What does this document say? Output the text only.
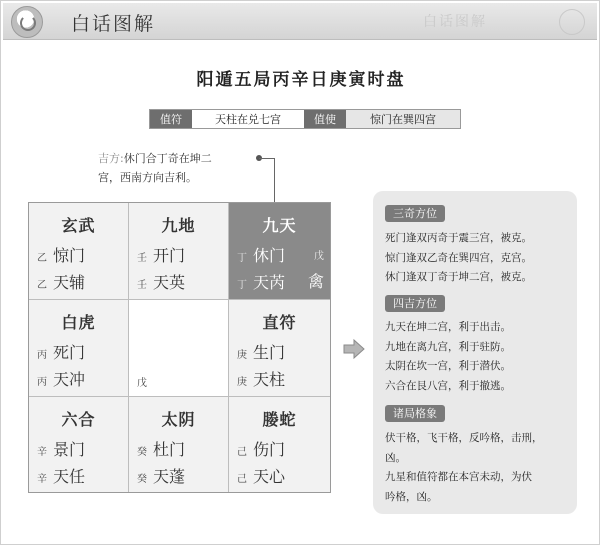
白话图解	白话图解
阳遁五局丙辛日庚寅时盘
值符	天柱在兑七宫	值使	惊门在巽四宫
吉方:休门合丁奇在坤二
宫，西南方向吉利。
玄武
乙 惊门
乙 天辅
九地
壬 开门
壬 天英
九天
丁 休门	戊
丁 天芮 禽
白虎
丙 死门
丙 天冲	戊
直符
庚 生门
庚 天柱
六合
辛 景门
辛 天任
太阴
癸 杜门
癸 天蓬
媵蛇
己 伤门
己 天心
三奇方位
死门逢双丙奇于震三宫，被克。
惊门逢双乙奇在巽四宫，克宫。
休门逢双丁奇于坤二宫，被克。
四吉方位
九天在坤二宫，利于出击。
九地在离九宫，利于驻防。
太阴在坎一宫，利于潜伏。
六合在艮八宫，利于撤逃。
诸局格象
伏干格，飞干格，反吟格，击刑，
凶。
九星和值符都在本宫未动，为伏
吟格，凶。
